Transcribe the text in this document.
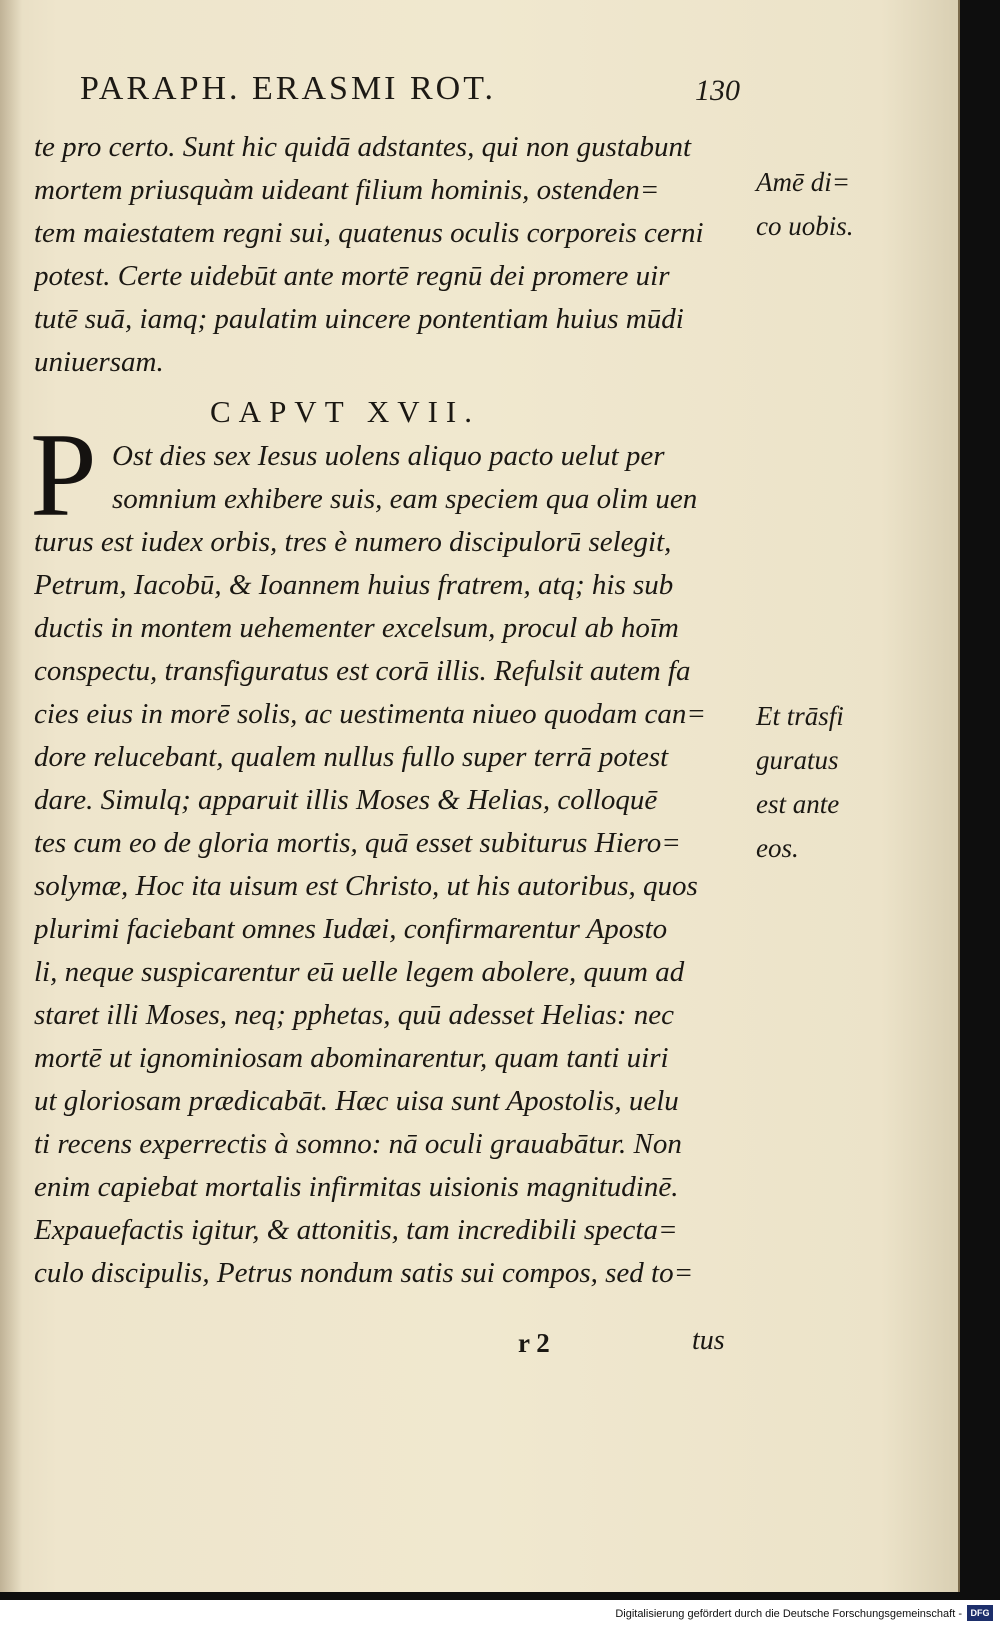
PARAPH. ERASMI ROT.	130
te pro certo. Sunt hic quidā adstantes, qui non gustabunt
mortem priusquàm uideant filium hominis, ostenden=
tem maiestatem regni sui, quatenus oculis corporeis cerni
potest. Certe uidebūt ante mortē regnū dei promere uir
tutē suā, iamq; paulatim uincere pontentiam huius mūdi
uniuersam.
CAPVT XVII.
P Ost dies sex Iesus uolens aliquo pacto uelut per
somnium exhibere suis, eam speciem qua olim uen
turus est iudex orbis, tres è numero discipulorū selegit,
Petrum, Iacobū, & Ioannem huius fratrem, atq; his sub
ductis in montem uehementer excelsum, procul ab hoīm
conspectu, transfiguratus est corā illis. Refulsit autem fa
cies eius in morē solis, ac uestimenta niueo quodam can=
dore relucebant, qualem nullus fullo super terrā potest
dare. Simulq; apparuit illis Moses & Helias, colloquē
tes cum eo de gloria mortis, quā esset subiturus Hiero=
solymæ, Hoc ita uisum est Christo, ut his autoribus, quos
plurimi faciebant omnes Iudæi, confirmarentur Aposto
li, neque suspicarentur eū uelle legem abolere, quum ad
staret illi Moses, neq; pphetas, quū adesset Helias: nec
mortē ut ignominiosam abominarentur, quam tanti uiri
ut gloriosam prædicabāt. Hæc uisa sunt Apostolis, uelu
ti recens experrectis à somno: nā oculi grauabātur. Non
enim capiebat mortalis infirmitas uisionis magnitudinē.
Expauefactis igitur, & attonitis, tam incredibili specta=
culo discipulis, Petrus nondum satis sui compos, sed to=
Amē di=
co uobis.
Et trāsfi
guratus
est ante
eos.
r 2	tus
Digitalisierung gefördert durch die Deutsche Forschungsgemeinschaft - DFG
